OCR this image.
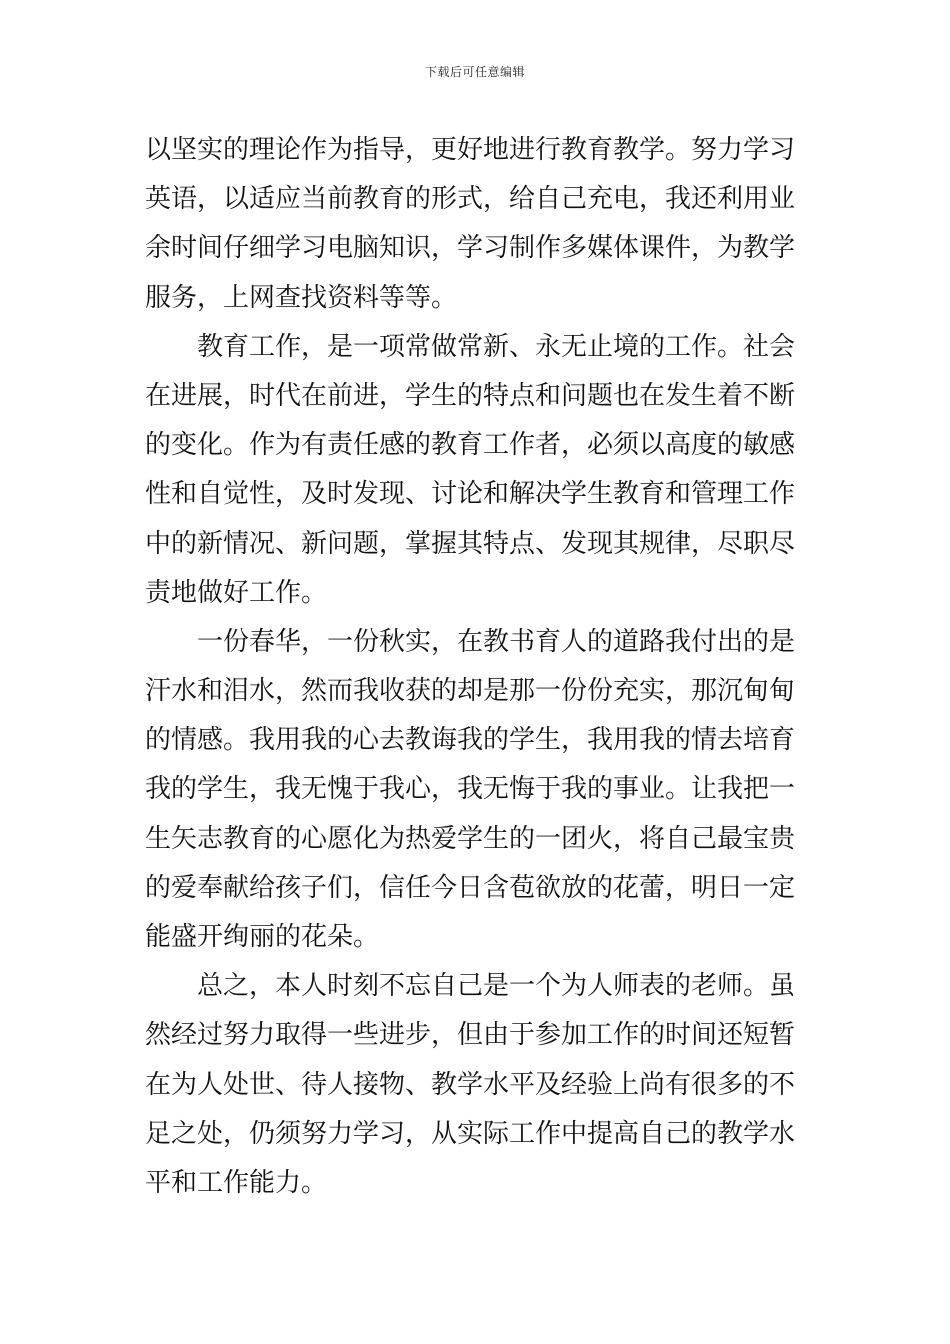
下载后可任意编辑
以坚实的理论作为指导，更好地进行教育教学。努力学习
英语，以适应当前教育的形式，给自己充电，我还利用业
余时间仔细学习电脑知识，学习制作多媒体课件，为教学
服务，上网查找资料等等。
教育工作，是一项常做常新、永无止境的工作。社会
在进展，时代在前进，学生的特点和问题也在发生着不断
的变化。作为有责任感的教育工作者，必须以高度的敏感
性和自觉性，及时发现、讨论和解决学生教育和管理工作
中的新情况、新问题，掌握其特点、发现其规律，尽职尽
责地做好工作。
一份春华，一份秋实，在教书育人的道路我付出的是
汗水和泪水，然而我收获的却是那一份份充实，那沉甸甸
的情感。我用我的心去教诲我的学生，我用我的情去培育
我的学生，我无愧于我心，我无悔于我的事业。让我把一
生矢志教育的心愿化为热爱学生的一团火，将自己最宝贵
的爱奉献给孩子们，信任今日含苞欲放的花蕾，明日一定
能盛开绚丽的花朵。
总之，本人时刻不忘自己是一个为人师表的老师。虽
然经过努力取得一些进步，但由于参加工作的时间还短暂
在为人处世、待人接物、教学水平及经验上尚有很多的不
足之处，仍须努力学习，从实际工作中提高自己的教学水
平和工作能力。
